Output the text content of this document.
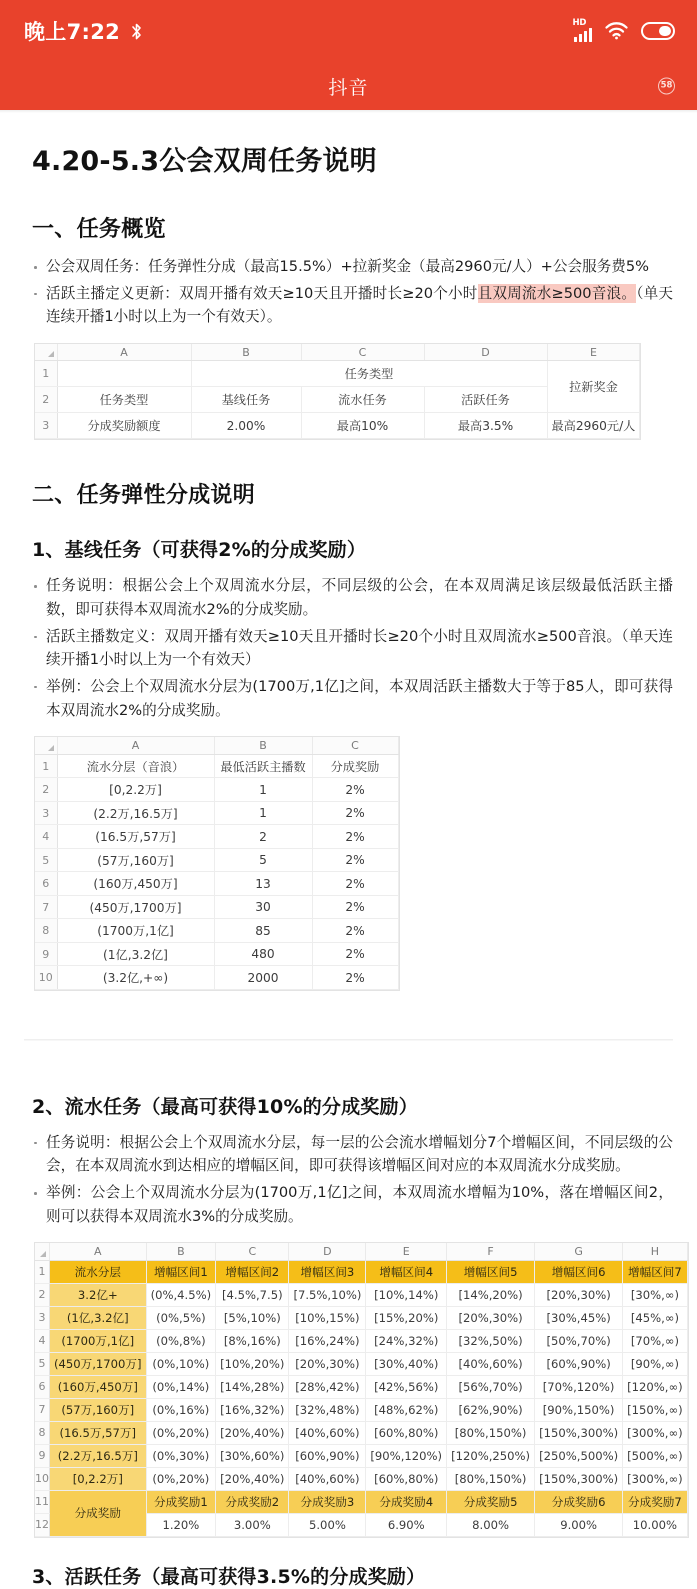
晚上7:22	HD
抖音	58
4.20-5.3公会双周任务说明
一、任务概览
公会双周任务：任务弹性分成（最高15.5%）+拉新奖金（最高2960元/人）+公会服务费5%
活跃主播定义更新：双周开播有效天≥10天且开播时长≥20个小时且双周流水≥500音浪。（单天连续开播1小时以上为一个有效天）。
	A	B	C	D	E
1		任务类型			拉新奖金
2	任务类型	基线任务	流水任务	活跃任务	
3	分成奖励额度	2.00%	最高10%	最高3.5%	最高2960元/人
二、任务弹性分成说明
1、基线任务（可获得2%的分成奖励）
任务说明：根据公会上个双周流水分层，不同层级的公会，在本双周满足该层级最低活跃主播数，即可获得本双周流水2%的分成奖励。
活跃主播数定义：双周开播有效天≥10天且开播时长≥20个小时且双周流水≥500音浪。（单天连续开播1小时以上为一个有效天）
举例：公会上个双周流水分层为(1700万,1亿]之间，本双周活跃主播数大于等于85人，即可获得本双周流水2%的分成奖励。
	A	B	C
1	流水分层（音浪）	最低活跃主播数	分成奖励
2	[0,2.2万]	1	2%
3	(2.2万,16.5万]	1	2%
4	(16.5万,57万]	2	2%
5	(57万,160万]	5	2%
6	(160万,450万]	13	2%
7	(450万,1700万]	30	2%
8	(1700万,1亿]	85	2%
9	(1亿,3.2亿]	480	2%
10	(3.2亿,+∞)	2000	2%
2、流水任务（最高可获得10%的分成奖励）
任务说明：根据公会上个双周流水分层，每一层的公会流水增幅划分7个增幅区间，不同层级的公会，在本双周流水到达相应的增幅区间，即可获得该增幅区间对应的本双周流水分成奖励。
举例：公会上个双周流水分层为(1700万,1亿]之间，本双周流水增幅为10%，落在增幅区间2，则可以获得本双周流水3%的分成奖励。
	A	B	C	D	E	F	G	H
1	流水分层	增幅区间1	增幅区间2	增幅区间3	增幅区间4	增幅区间5	增幅区间6	增幅区间7
2	3.2亿+	(0%,4.5%)	[4.5%,7.5)	[7.5%,10%)	[10%,14%)	[14%,20%)	[20%,30%)	[30%,∞)
3	(1亿,3.2亿]	(0%,5%)	[5%,10%)	[10%,15%)	[15%,20%)	[20%,30%)	[30%,45%)	[45%,∞)
4	(1700万,1亿]	(0%,8%)	[8%,16%)	[16%,24%)	[24%,32%)	[32%,50%)	[50%,70%)	[70%,∞)
5	(450万,1700万]	(0%,10%)	[10%,20%)	[20%,30%)	[30%,40%)	[40%,60%)	[60%,90%)	[90%,∞)
6	(160万,450万]	(0%,14%)	[14%,28%)	[28%,42%)	[42%,56%)	[56%,70%)	[70%,120%)	[120%,∞)
7	(57万,160万]	(0%,16%)	[16%,32%)	[32%,48%)	[48%,62%)	[62%,90%)	[90%,150%)	[150%,∞)
8	(16.5万,57万]	(0%,20%)	[20%,40%)	[40%,60%)	[60%,80%)	[80%,150%)	[150%,300%)	[300%,∞)
9	(2.2万,16.5万]	(0%,30%)	[30%,60%)	[60%,90%)	[90%,120%)	[120%,250%)	[250%,500%)	[500%,∞)
10	[0,2.2万]	(0%,20%)	[20%,40%)	[40%,60%)	[60%,80%)	[80%,150%)	[150%,300%)	[300%,∞)
11	分成奖励	分成奖励1	分成奖励2	分成奖励3	分成奖励4	分成奖励5	分成奖励6	分成奖励7
12		1.20%	3.00%	5.00%	6.90%	8.00%	9.00%	10.00%
3、活跃任务（最高可获得3.5%的分成奖励）
